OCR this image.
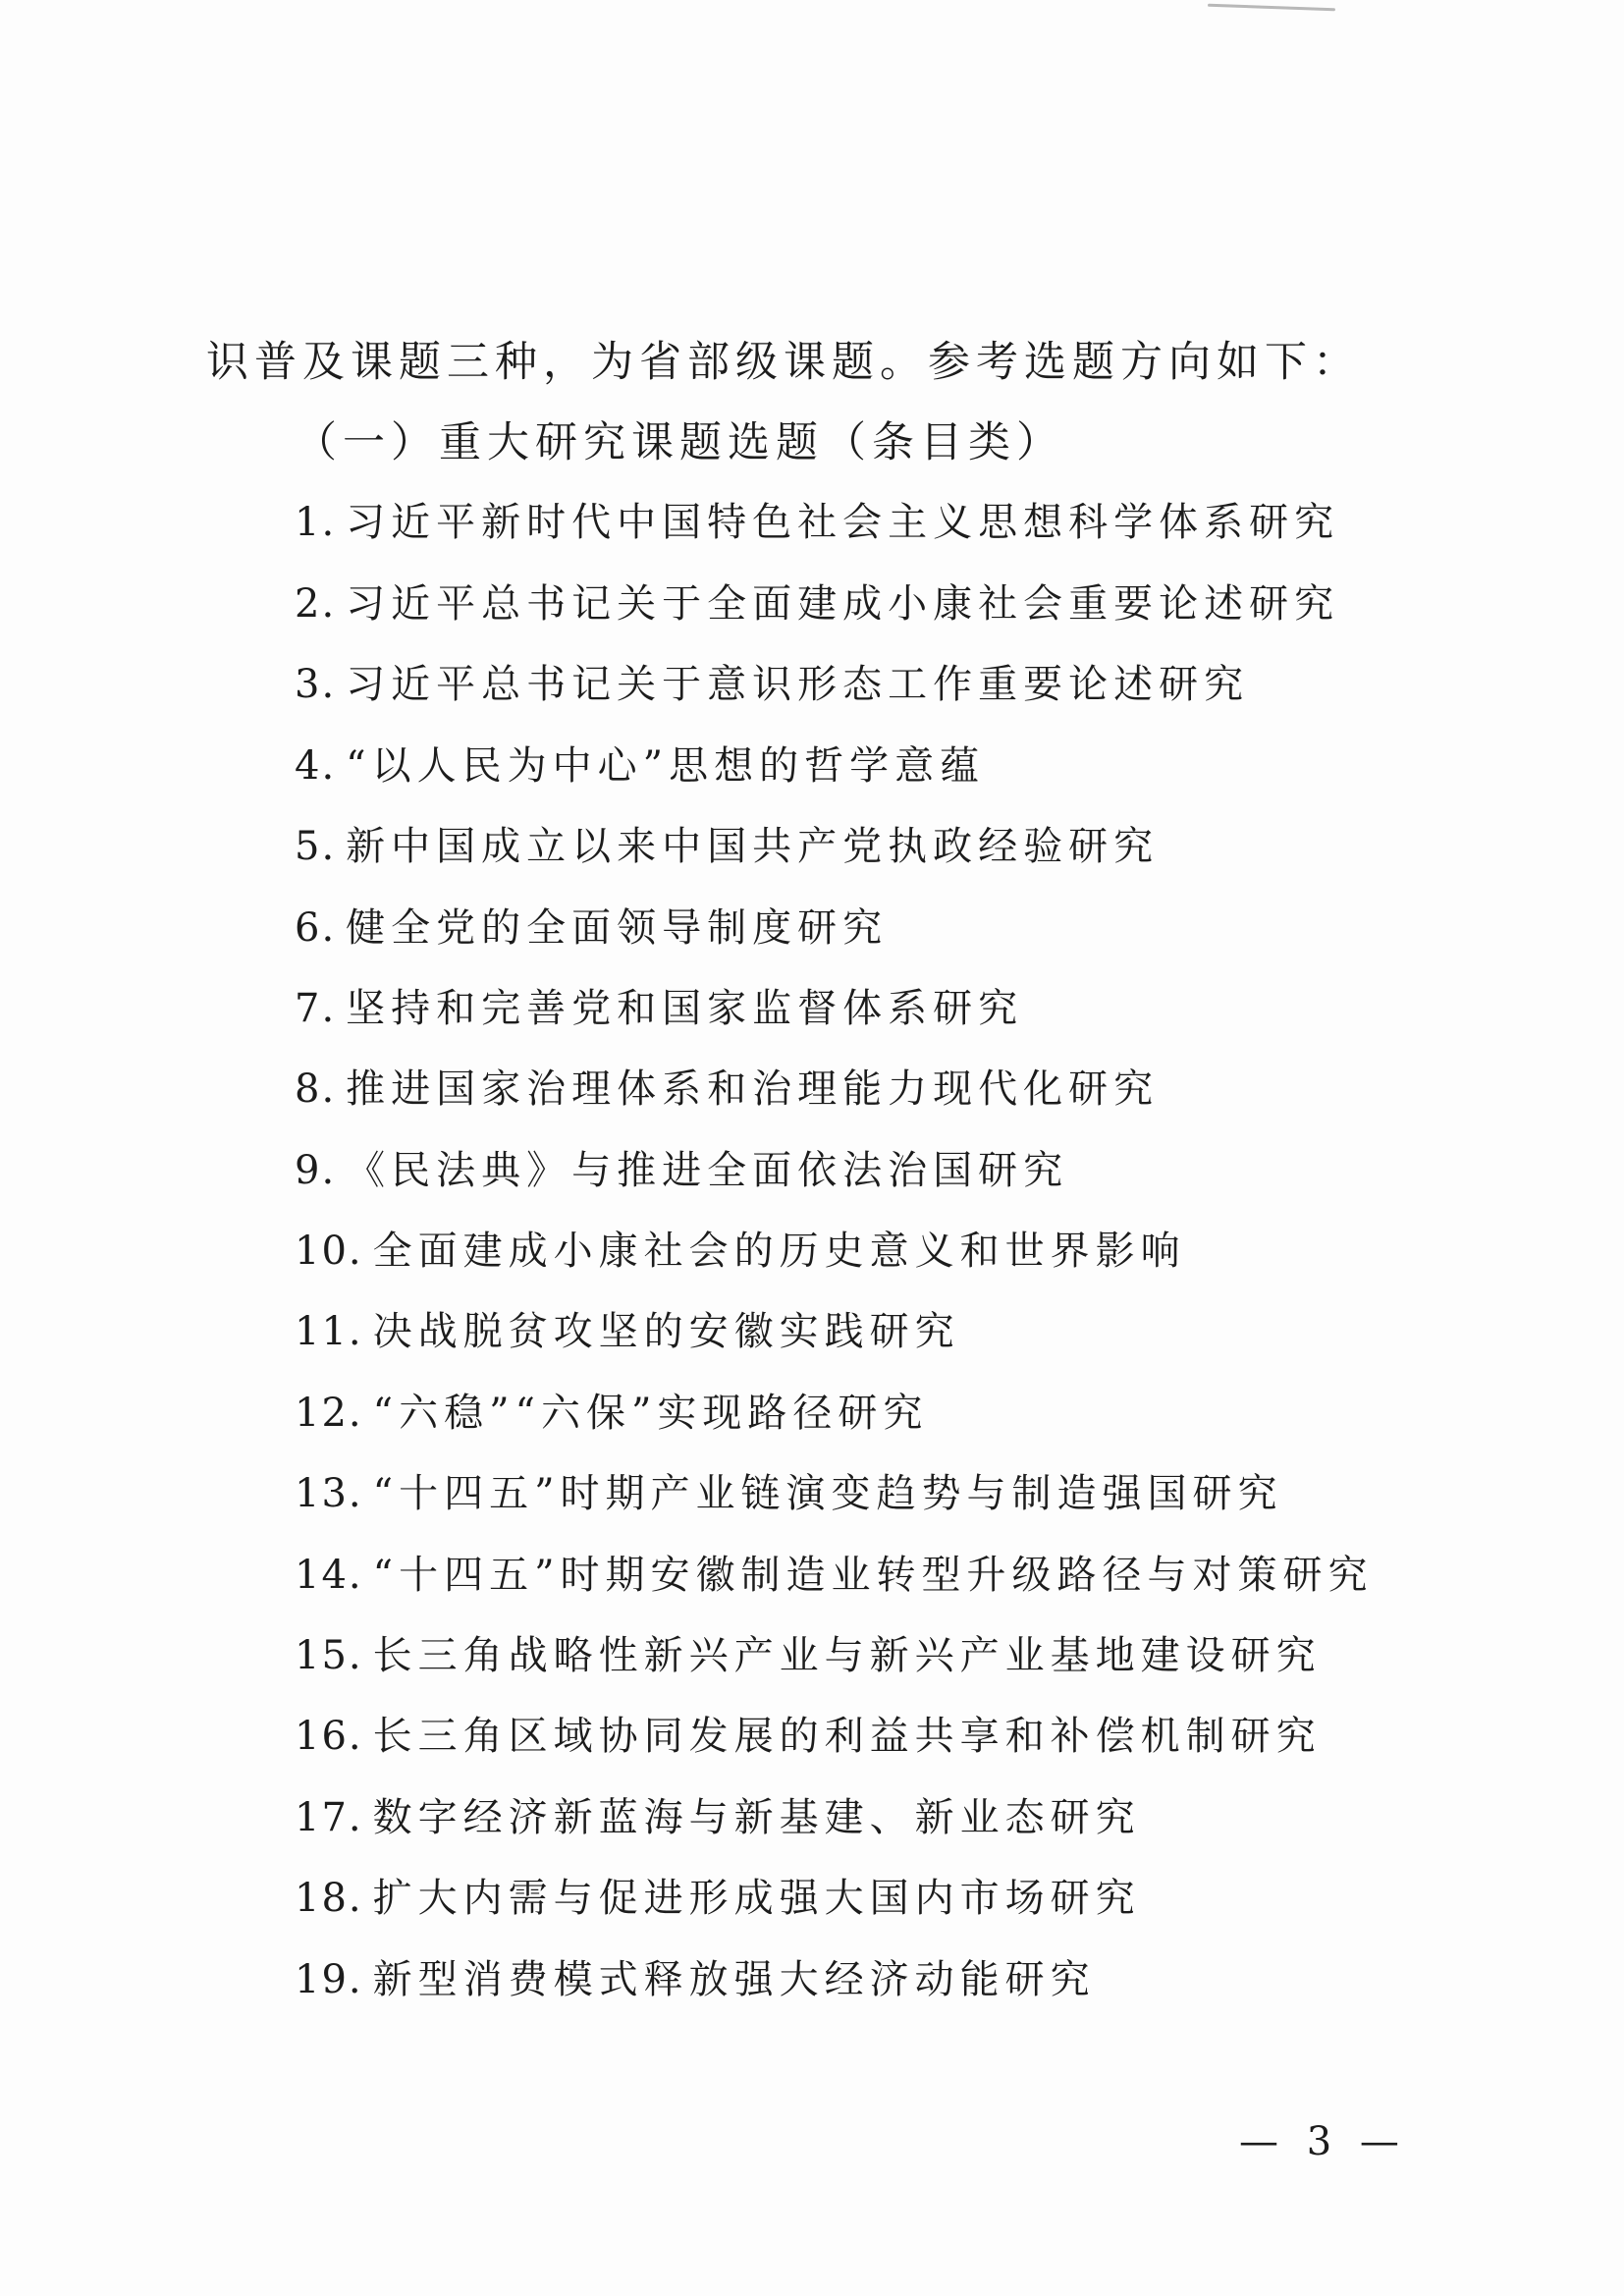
识普及课题三种，为省部级课题。参考选题方向如下：
（一）重大研究课题选题（条目类）
1. 习近平新时代中国特色社会主义思想科学体系研究
2. 习近平总书记关于全面建成小康社会重要论述研究
3. 习近平总书记关于意识形态工作重要论述研究
4. “以人民为中心”思想的哲学意蕴
5. 新中国成立以来中国共产党执政经验研究
6. 健全党的全面领导制度研究
7. 坚持和完善党和国家监督体系研究
8. 推进国家治理体系和治理能力现代化研究
9. 《民法典》与推进全面依法治国研究
10. 全面建成小康社会的历史意义和世界影响
11. 决战脱贫攻坚的安徽实践研究
12. “六稳”“六保”实现路径研究
13. “十四五”时期产业链演变趋势与制造强国研究
14. “十四五”时期安徽制造业转型升级路径与对策研究
15. 长三角战略性新兴产业与新兴产业基地建设研究
16. 长三角区域协同发展的利益共享和补偿机制研究
17. 数字经济新蓝海与新基建、新业态研究
18. 扩大内需与促进形成强大国内市场研究
19. 新型消费模式释放强大经济动能研究
— 3 —
